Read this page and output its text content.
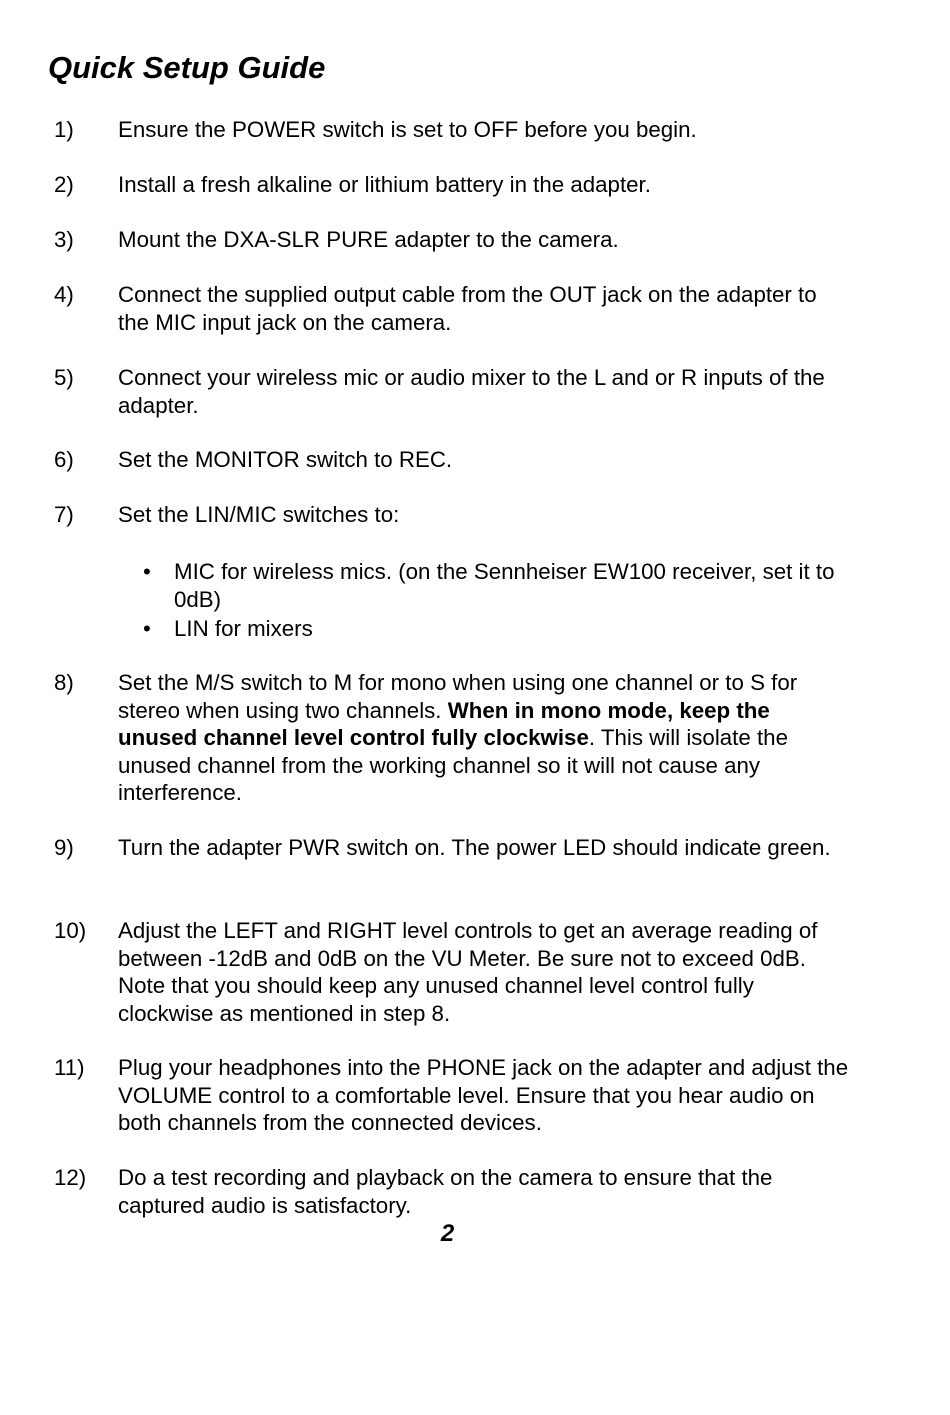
Quick Setup Guide
1) Ensure the POWER switch is set to OFF before you begin.
2) Install a fresh alkaline or lithium battery in the adapter.
3) Mount the DXA-SLR PURE adapter to the camera.
4) Connect the supplied output cable from the OUT jack on the adapter to the MIC input jack on the camera.
5) Connect your wireless mic or audio mixer to the L and or R inputs of the adapter.
6) Set the MONITOR switch to REC.
7) Set the LIN/MIC switches to:
• MIC for wireless mics. (on the Sennheiser EW100 receiver, set it to 0dB)
• LIN for mixers
8) Set the M/S switch to M for mono when using one channel or to S for stereo when using two channels. When in mono mode, keep the unused channel level control fully clockwise. This will isolate the unused channel from the working channel so it will not cause any interference.
9) Turn the adapter PWR switch on. The power LED should indicate green.
10) Adjust the LEFT and RIGHT level controls to get an average reading of between -12dB and 0dB on the VU Meter. Be sure not to exceed 0dB. Note that you should keep any unused channel level control fully clockwise as mentioned in step 8.
11) Plug your headphones into the PHONE jack on the adapter and adjust the VOLUME control to a comfortable level. Ensure that you hear audio on both channels from the connected devices.
12) Do a test recording and playback on the camera to ensure that the captured audio is satisfactory.
2
